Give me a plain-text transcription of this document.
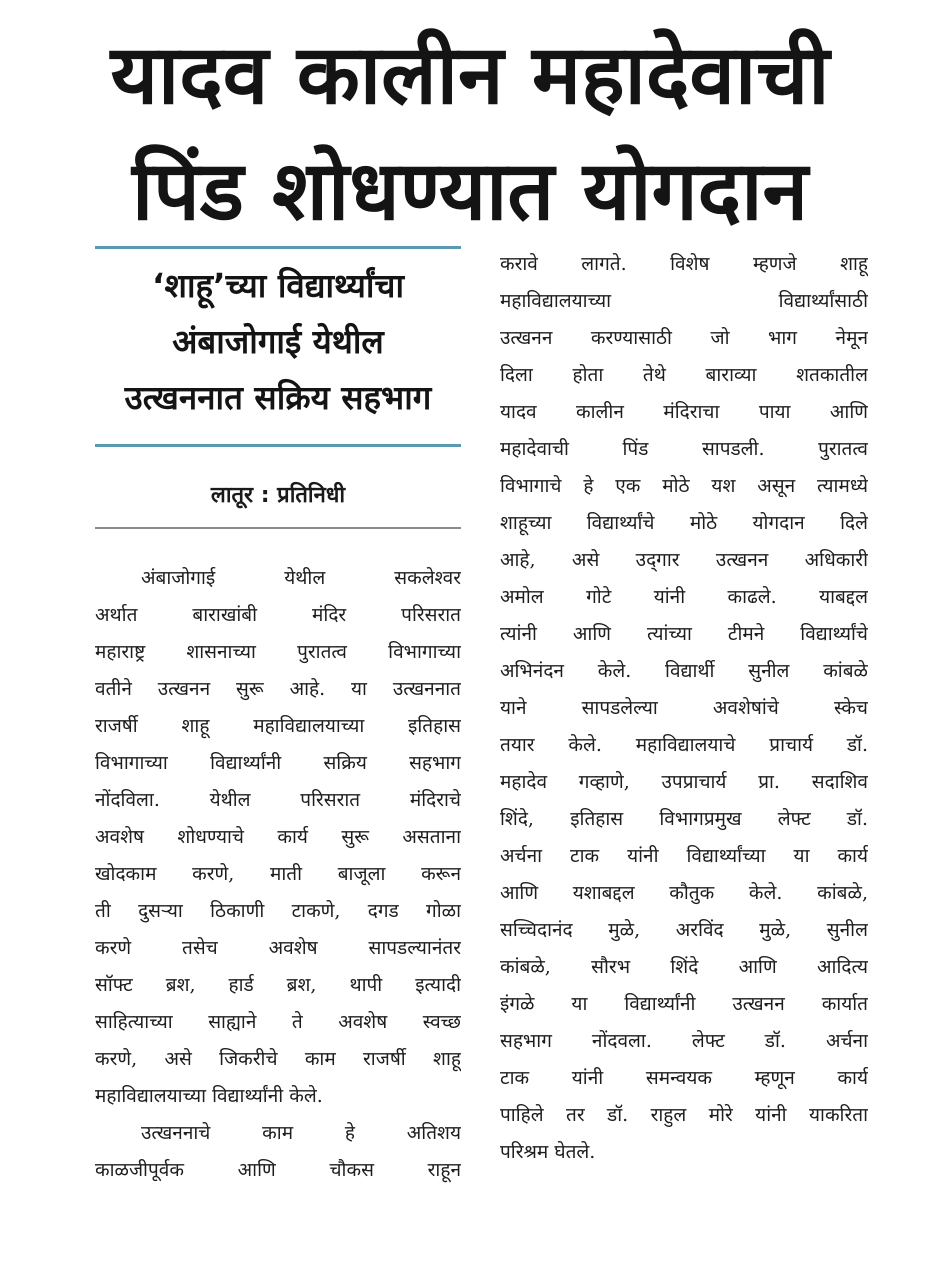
यादव कालीन महादेवाची
पिंड शोधण्यात योगदान
‘शाहू’च्या विद्यार्थ्यांचा
अंबाजोगाई येथील
उत्खननात सक्रिय सहभाग
लातूर : प्रतिनिधी
अंबाजोगाई येथील सकलेश्वर
अर्थात बाराखांबी मंदिर परिसरात
महाराष्ट्र शासनाच्या पुरातत्व विभागाच्या
वतीने उत्खनन सुरू आहे. या उत्खननात
राजर्षी शाहू महाविद्यालयाच्या इतिहास
विभागाच्या विद्यार्थ्यांनी सक्रिय सहभाग
नोंदविला. येथील परिसरात मंदिराचे
अवशेष शोधण्याचे कार्य सुरू असताना
खोदकाम करणे, माती बाजूला करून
ती दुसऱ्या ठिकाणी टाकणे, दगड गोळा
करणे तसेच अवशेष सापडल्यानंतर
सॉफ्ट ब्रश, हार्ड ब्रश, थापी इत्यादी
साहित्याच्या साह्याने ते अवशेष स्वच्छ
करणे, असे जिकरीचे काम राजर्षी शाहू
महाविद्यालयाच्या विद्यार्थ्यांनी केले.
उत्खननाचे काम हे अतिशय
काळजीपूर्वक आणि चौकस राहून
करावे लागते. विशेष म्हणजे शाहू
महाविद्यालयाच्या विद्यार्थ्यांसाठी
उत्खनन करण्यासाठी जो भाग नेमून
दिला होता तेथे बाराव्या शतकातील
यादव कालीन मंदिराचा पाया आणि
महादेवाची पिंड सापडली. पुरातत्व
विभागाचे हे एक मोठे यश असून त्यामध्ये
शाहूच्या विद्यार्थ्यांचे मोठे योगदान दिले
आहे, असे उद्‌गार उत्खनन अधिकारी
अमोल गोटे यांनी काढले. याबद्दल
त्यांनी आणि त्यांच्या टीमने विद्यार्थ्यांचे
अभिनंदन केले. विद्यार्थी सुनील कांबळे
याने सापडलेल्या अवशेषांचे स्केच
तयार केले. महाविद्यालयाचे प्राचार्य डॉ.
महादेव गव्हाणे, उपप्राचार्य प्रा. सदाशिव
शिंदे, इतिहास विभागप्रमुख लेफ्ट डॉ.
अर्चना टाक यांनी विद्यार्थ्यांच्या या कार्य
आणि यशाबद्दल कौतुक केले. कांबळे,
सच्चिदानंद मुळे, अरविंद मुळे, सुनील
कांबळे, सौरभ शिंदे आणि आदित्य
इंगळे या विद्यार्थ्यांनी उत्खनन कार्यात
सहभाग नोंदवला. लेफ्ट डॉ. अर्चना
टाक यांनी समन्वयक म्हणून कार्य
पाहिले तर डॉ. राहुल मोरे यांनी याकरिता
परिश्रम घेतले.
